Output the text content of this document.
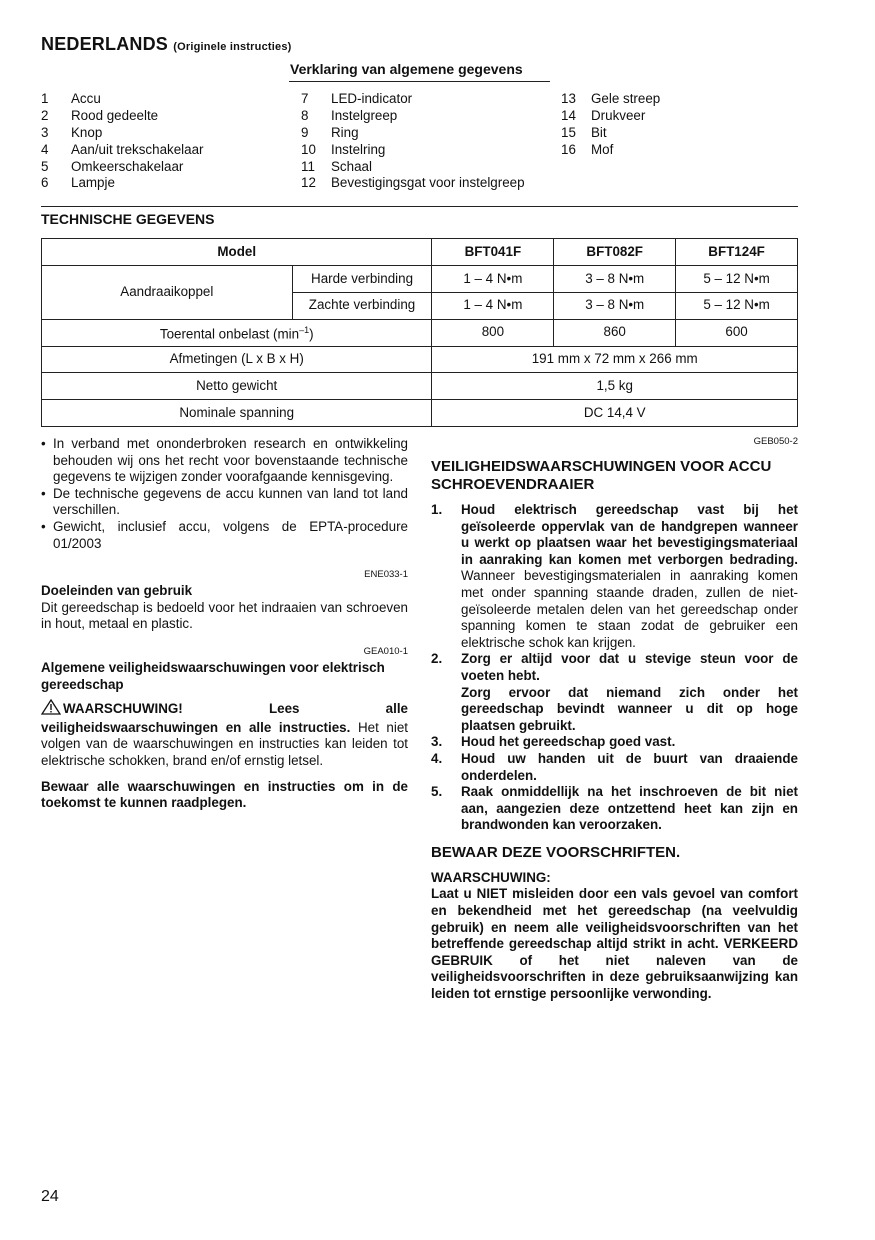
NEDERLANDS (Originele instructies)
Verklaring van algemene gegevens
1	Accu
2	Rood gedeelte
3	Knop
4	Aan/uit trekschakelaar
5	Omkeerschakelaar
6	Lampje
7	LED-indicator
8	Instelgreep
9	Ring
10	Instelring
11	Schaal
12	Bevestigingsgat voor instelgreep
13	Gele streep
14	Drukveer
15	Bit
16	Mof
TECHNISCHE GEGEVENS
Model		BFT041F	BFT082F	BFT124F
Aandraaikoppel	Harde verbinding	1 – 4 N•m	3 – 8 N•m	5 – 12 N•m
	Zachte verbinding	1 – 4 N•m	3 – 8 N•m	5 – 12 N•m
Toerental onbelast $(\min^{-1})$		800	860	600
Afmetingen (L x B x H)		191 mm x 72 mm x 266 mm		
Netto gewicht		1,5 kg		
Nominale spanning		DC 14,4 V		
• In verband met ononderbroken research en ontwikkeling behouden wij ons het recht voor bovenstaande technische gegevens te wijzigen zonder voorafgaande kennisgeving.
• De technische gegevens de accu kunnen van land tot land verschillen.
• Gewicht, inclusief accu, volgens de EPTA-procedure 01/2003
ENE033-1
Doeleinden van gebruik
Dit gereedschap is bedoeld voor het indraaien van schroeven in hout, metaal en plastic.
GEA010-1
Algemene veiligheidswaarschuwingen voor elektrisch gereedschap
WAARSCHUWING! Lees alle veiligheidswaarschuwingen en alle instructies. Het niet volgen van de waarschuwingen en instructies kan leiden tot elektrische schokken, brand en/of ernstig letsel.
Bewaar alle waarschuwingen en instructies om in de toekomst te kunnen raadplegen.
GEB050-2
VEILIGHEIDSWAARSCHUWINGEN VOOR ACCU SCHROEVENDRAAIER
1.	Houd elektrisch gereedschap vast bij het geïsoleerde oppervlak van de handgrepen wanneer u werkt op plaatsen waar het bevestigingsmateriaal in aanraking kan komen met verborgen bedrading. Wanneer bevestigingsmaterialen in aanraking komen met onder spanning staande draden, zullen de niet-geïsoleerde metalen delen van het gereedschap onder spanning komen te staan zodat de gebruiker een elektrische schok kan krijgen.
2.	Zorg er altijd voor dat u stevige steun voor de voeten hebt.
Zorg ervoor dat niemand zich onder het gereedschap bevindt wanneer u dit op hoge plaatsen gebruikt.
3.	Houd het gereedschap goed vast.
4.	Houd uw handen uit de buurt van draaiende onderdelen.
5.	Raak onmiddellijk na het inschroeven de bit niet aan, aangezien deze ontzettend heet kan zijn en brandwonden kan veroorzaken.
BEWAAR DEZE VOORSCHRIFTEN.
WAARSCHUWING:
Laat u NIET misleiden door een vals gevoel van comfort en bekendheid met het gereedschap (na veelvuldig gebruik) en neem alle veiligheidsvoorschriften van het betreffende gereedschap altijd strikt in acht. VERKEERD GEBRUIK of het niet naleven van de veiligheidsvoorschriften in deze gebruiksaanwijzing kan leiden tot ernstige persoonlijke verwonding.
24
